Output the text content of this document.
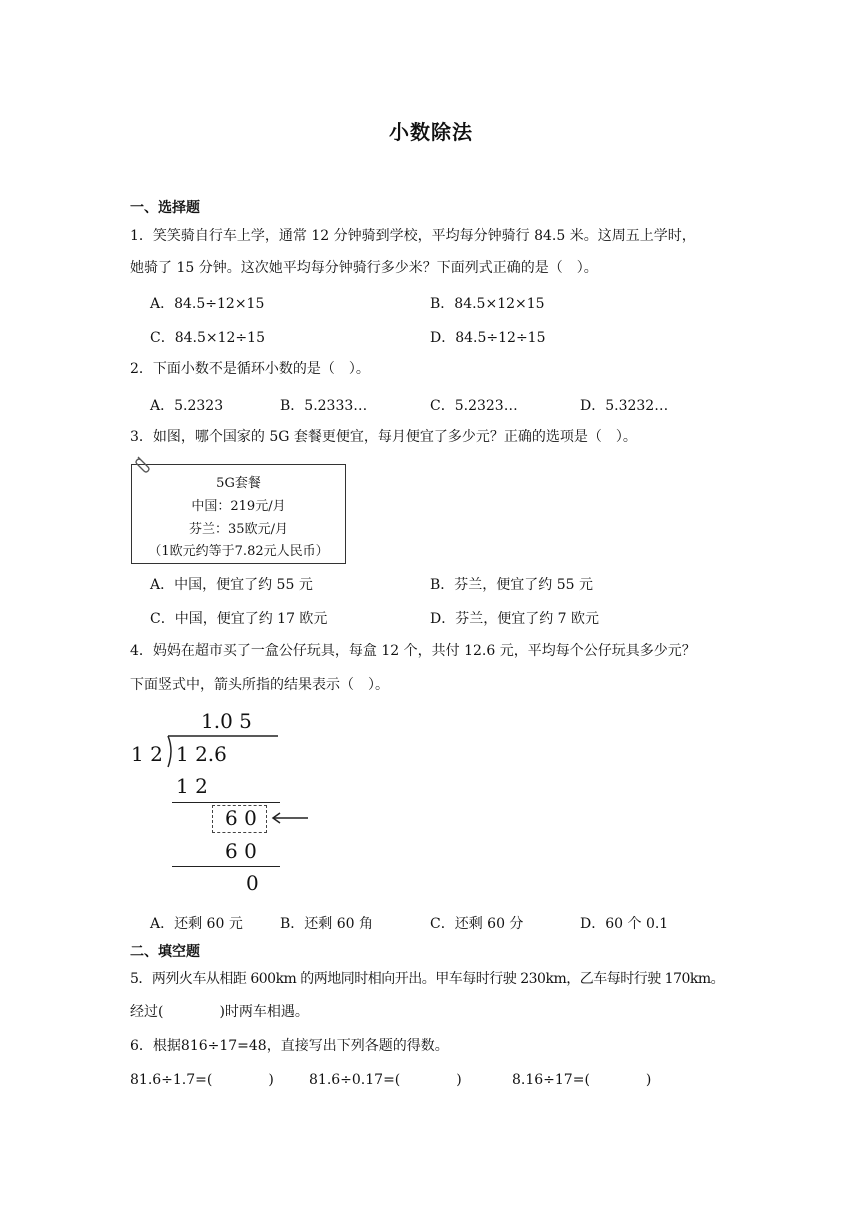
小数除法
一、选择题
1．笑笑骑自行车上学，通常 12 分钟骑到学校，平均每分钟骑行 84.5 米。这周五上学时，
她骑了 15 分钟。这次她平均每分钟骑行多少米？下面列式正确的是（　）。
A．84.5÷12×15	B．84.5×12×15
C．84.5×12÷15	D．84.5÷12÷15
2．下面小数不是循环小数的是（　）。
A．5.2323	B．5.2333…	C．5.2323…	D．5.3232…
3．如图，哪个国家的 5G 套餐更便宜，每月便宜了多少元？正确的选项是（　）。
5G套餐
中国：219元/月
芬兰：35欧元/月
（1欧元约等于7.82元人民币）
A．中国，便宜了约 55 元	B．芬兰，便宜了约 55 元
C．中国，便宜了约 17 欧元	D．芬兰，便宜了约 7 欧元
4．妈妈在超市买了一盒公仔玩具，每盒 12 个，共付 12.6 元，平均每个公仔玩具多少元？
下面竖式中，箭头所指的结果表示（　）。
1.0 5
1 2 1 2.6
1 2
6 0
6 0
0
A．还剩 60 元	B．还剩 60 角	C．还剩 60 分	D．60 个 0.1
二、填空题
5．两列火车从相距 600km 的两地同时相向开出。甲车每时行驶 230km，乙车每时行驶 170km。
经过(　　　　)时两车相遇。
6．根据816÷17=48，直接写出下列各题的得数。
81.6÷1.7=(　　　　)	81.6÷0.17=(　　　　)	8.16÷17=(　　　　)
